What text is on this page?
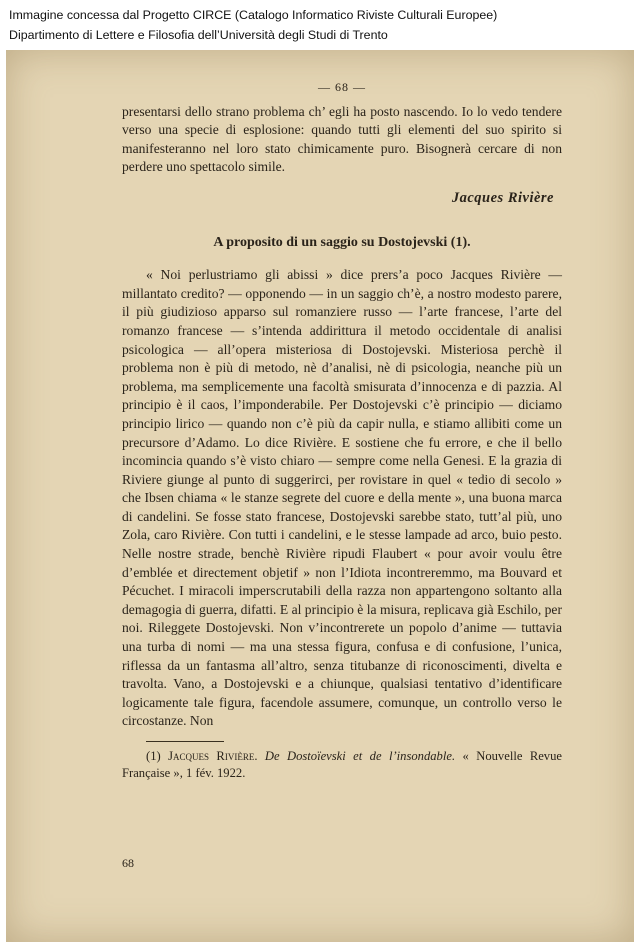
Immagine concessa dal Progetto CIRCE (Catalogo Informatico Riviste Culturali Europee)
Dipartimento di Lettere e Filosofia dell’Università degli Studi di Trento
— 68 —

presentarsi dello strano problema ch’ egli ha posto nascendo. Io lo vedo tendere verso una specie di esplosione: quando tutti gli elementi del suo spirito si manifesteranno nel loro stato chimicamente puro. Bisognerà cercare di non perdere uno spettacolo simile.

Jacques Rivière
A proposito di un saggio su Dostojevski (1).

« Noi perlustriamo gli abissi » dice prers’a poco Jacques Rivière — millantato credito? — opponendo — in un saggio ch’è, a nostro modesto parere, il più giudizioso apparso sul romanziere russo — l’arte francese, l’arte del romanzo francese — s’intenda addirittura il metodo occidentale di analisi psicologica — all’opera misteriosa di Dostojevski. Misteriosa perchè il problema non è più di metodo, nè d’analisi, nè di psicologia, neanche più un problema, ma semplicemente una facoltà smisurata d’innocenza e di pazzia. Al principio è il caos, l’imponderabile. Per Dostojevski c’è principio — diciamo principio lirico — quando non c’è più da capir nulla, e stiamo allibiti come un precursore d’Adamo. Lo dice Rivière. E sostiene che fu errore, e che il bello incomincia quando s’è visto chiaro — sempre come nella Genesi. E la grazia di Riviere giunge al punto di suggerirci, per rovistare in quel « tedio di secolo » che Ibsen chiama « le stanze segrete del cuore e della mente », una buona marca di candelini. Se fosse stato francese, Dostojevski sarebbe stato, tutt’al più, uno Zola, caro Rivière. Con tutti i candelini, e le stesse lampade ad arco, buio pesto. Nelle nostre strade, benchè Rivière ripudi Flaubert « pour avoir voulu être d’emblée et directement objetif » non l’Idiota incontreremmo, ma Bouvard et Pécuchet. I miracoli imperscrutabili della razza non appartengono soltanto alla demagogia di guerra, difatti. E al principio è la misura, replicava già Eschilo, per noi. Rileggete Dostojevski. Non v’incontrerete un popolo d’anime — tuttavia una turba di nomi — ma una stessa figura, confusa e di confusione, l’unica, riflessa da un fantasma all’altro, senza titubanze di riconoscimenti, divelta e travolta. Vano, a Dostojevski e a chiunque, qualsiasi tentativo d’identificare logicamente tale figura, facendole assumere, comunque, un controllo verso le circostanze. Non

(1) Jacques Rivière. De Dostoïevski et de l’insondable. « Nouvelle Revue Française », 1 fév. 1922.

68
